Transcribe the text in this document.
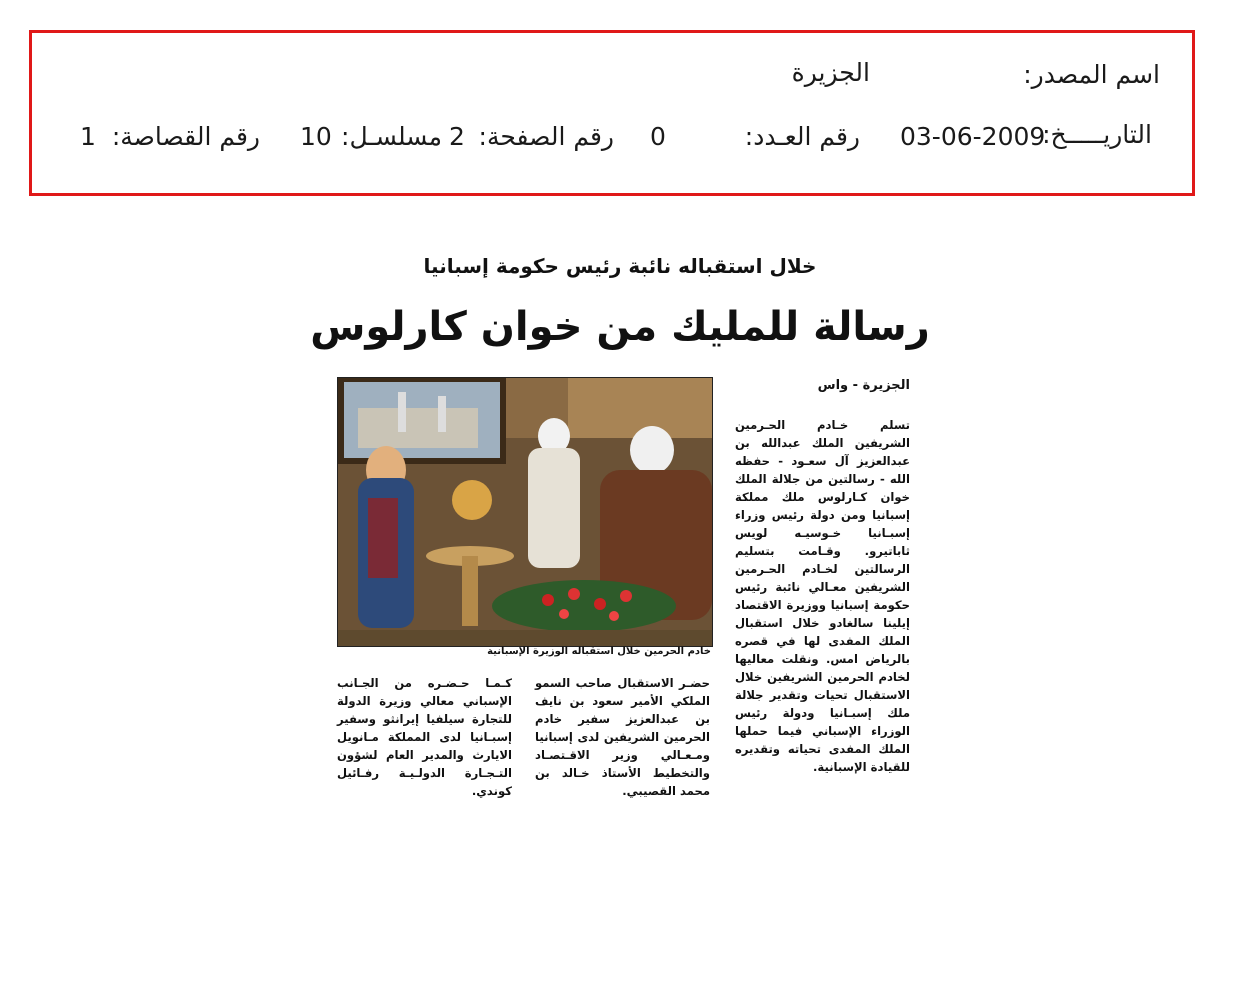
اسم المصدر:
الجزيرة
التاريـــــخ:
03-06-2009
رقم العـدد:
0
رقم الصفحة:
2
مسلسـل:
10
رقم القصاصة:
1
خلال استقباله نائبة رئيس حكومة إسبانيا
رسالة للمليك من خوان كارلوس
الجزيرة - واس
خادم الحرمين خلال استقباله الوزيرة الإسبانية
تسلم خـادم الحـرمين الشريفين الملك عبدالله بن عبدالعزيز آل سعـود - حفظه الله - رسالتين من جلالة الملك خوان كـارلوس ملك مملكة إسبانيا ومن دولة رئيس وزراء إسبـانيا خـوسيـه لويس ثاباتيرو. وقـامت بتسليم الرسالتين لخـادم الحـرمين الشريفين معـالي نائبة رئيس حكومة إسبانيا ووزيرة الاقتصاد إيلينا سالغادو خلال استقبال الملك المفدى لها في قصره بالرياض امس. ونقلت معاليها لخادم الحرمين الشريفين خلال الاستقبال تحيات وتقدير جلالة ملك إسبـانيا ودولة رئيس الوزراء الإسباني فيما حملها الملك المفدى تحياته وتقديره للقيادة الإسبانية.
حضـر الاستقبال صاحب السمو الملكي الأمير سعود بن نايف بن عبدالعزيز سفير خادم الحرمين الشريفين لدى إسبانيا ومـعـالي وزير الاقـتصـاد والتخطيط الأستاذ خـالد بن محمد القصيبي.
كـمـا حـضـره من الجـانب الإسباني معالي وزيرة الدولة للتجارة سيلفيا إيرانثو وسفير إسبـانيا لدى المملكة مـانويل الايارث والمدير العام لشؤون التـجـارة الدولـيـة رفـائيل كوندي.
